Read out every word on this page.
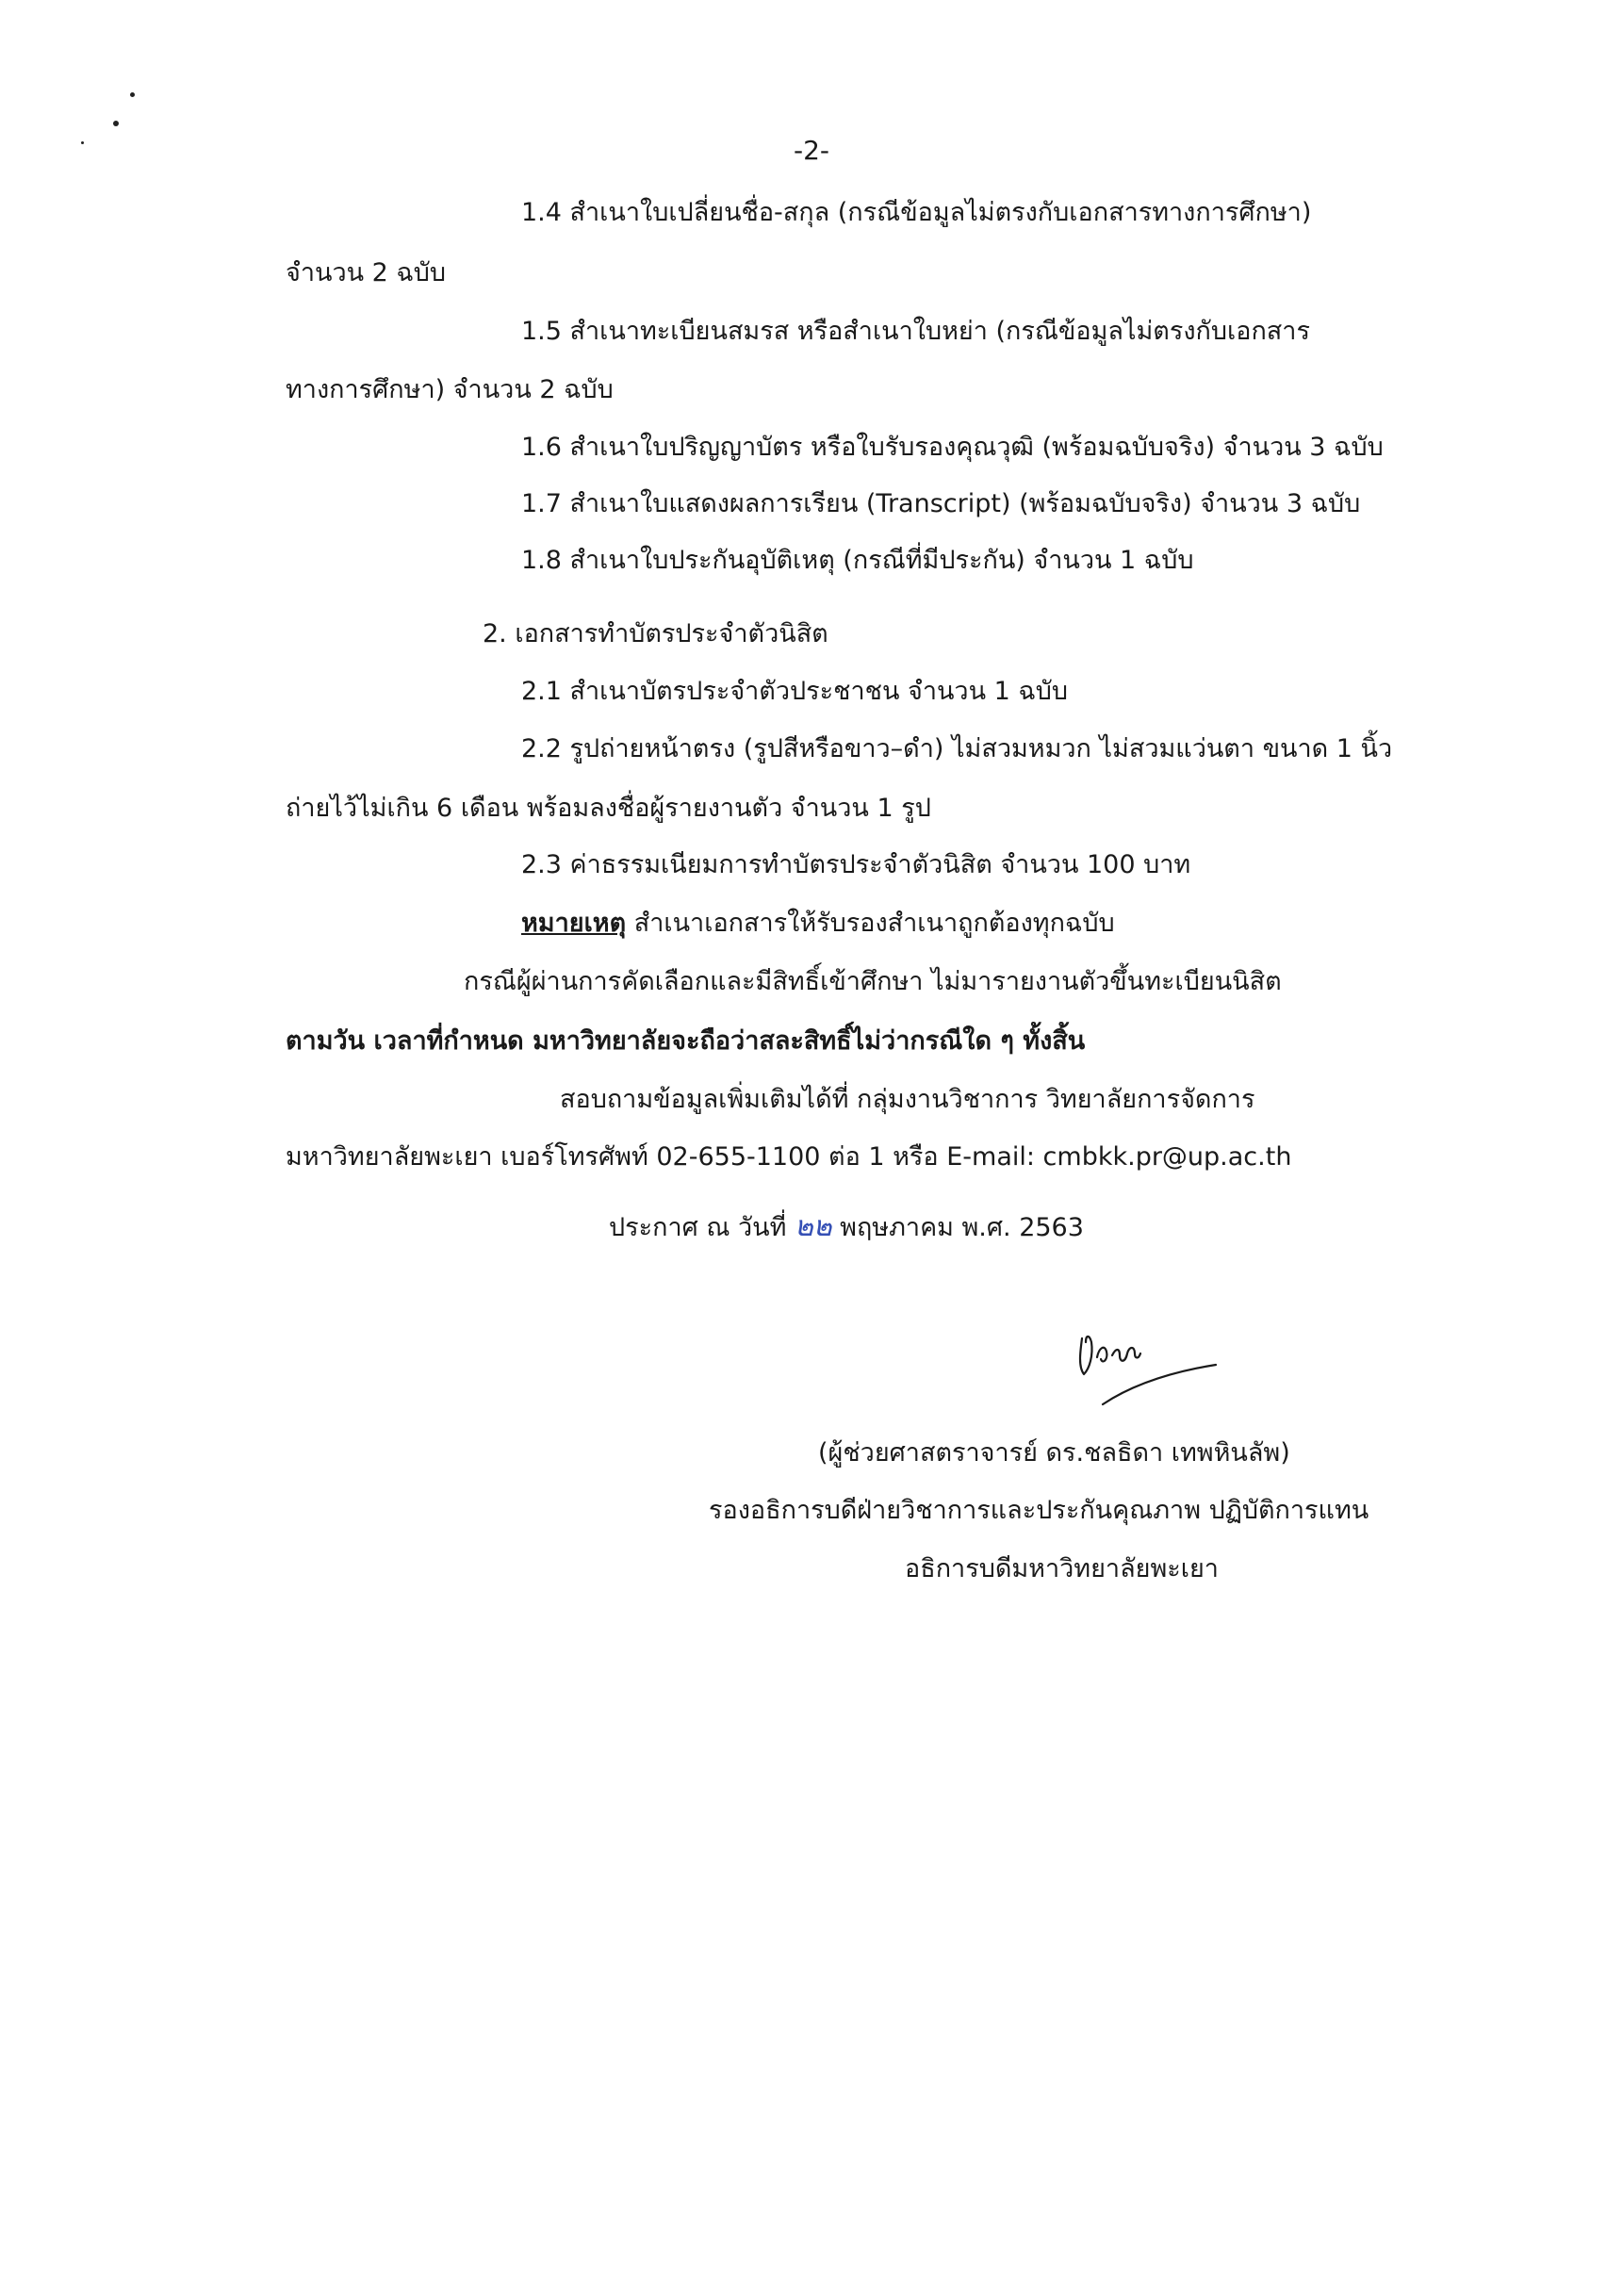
-2-
1.4 สำเนาใบเปลี่ยนชื่อ-สกุล (กรณีข้อมูลไม่ตรงกับเอกสารทางการศึกษา)
จำนวน 2 ฉบับ
1.5 สำเนาทะเบียนสมรส หรือสำเนาใบหย่า (กรณีข้อมูลไม่ตรงกับเอกสาร
ทางการศึกษา) จำนวน 2 ฉบับ
1.6 สำเนาใบปริญญาบัตร หรือใบรับรองคุณวุฒิ (พร้อมฉบับจริง) จำนวน 3 ฉบับ
1.7 สำเนาใบแสดงผลการเรียน (Transcript) (พร้อมฉบับจริง) จำนวน 3 ฉบับ
1.8 สำเนาใบประกันอุบัติเหตุ (กรณีที่มีประกัน) จำนวน 1 ฉบับ
2. เอกสารทำบัตรประจำตัวนิสิต
2.1 สำเนาบัตรประจำตัวประชาชน จำนวน 1 ฉบับ
2.2 รูปถ่ายหน้าตรง (รูปสีหรือขาว–ดำ) ไม่สวมหมวก ไม่สวมแว่นตา ขนาด 1 นิ้ว
ถ่ายไว้ไม่เกิน 6 เดือน พร้อมลงชื่อผู้รายงานตัว จำนวน 1 รูป
2.3 ค่าธรรมเนียมการทำบัตรประจำตัวนิสิต จำนวน 100 บาท
หมายเหตุ สำเนาเอกสารให้รับรองสำเนาถูกต้องทุกฉบับ
กรณีผู้ผ่านการคัดเลือกและมีสิทธิ์เข้าศึกษา ไม่มารายงานตัวขึ้นทะเบียนนิสิต
ตามวัน เวลาที่กำหนด มหาวิทยาลัยจะถือว่าสละสิทธิ์ไม่ว่ากรณีใด ๆ ทั้งสิ้น
สอบถามข้อมูลเพิ่มเติมได้ที่ กลุ่มงานวิชาการ วิทยาลัยการจัดการ
มหาวิทยาลัยพะเยา เบอร์โทรศัพท์ 02-655-1100 ต่อ 1 หรือ E-mail: cmbkk.pr@up.ac.th
ประกาศ ณ วันที่ ๒๒ พฤษภาคม พ.ศ. 2563
(ผู้ช่วยศาสตราจารย์ ดร.ชลธิดา เทพหินลัพ)
รองอธิการบดีฝ่ายวิชาการและประกันคุณภาพ ปฏิบัติการแทน
อธิการบดีมหาวิทยาลัยพะเยา
